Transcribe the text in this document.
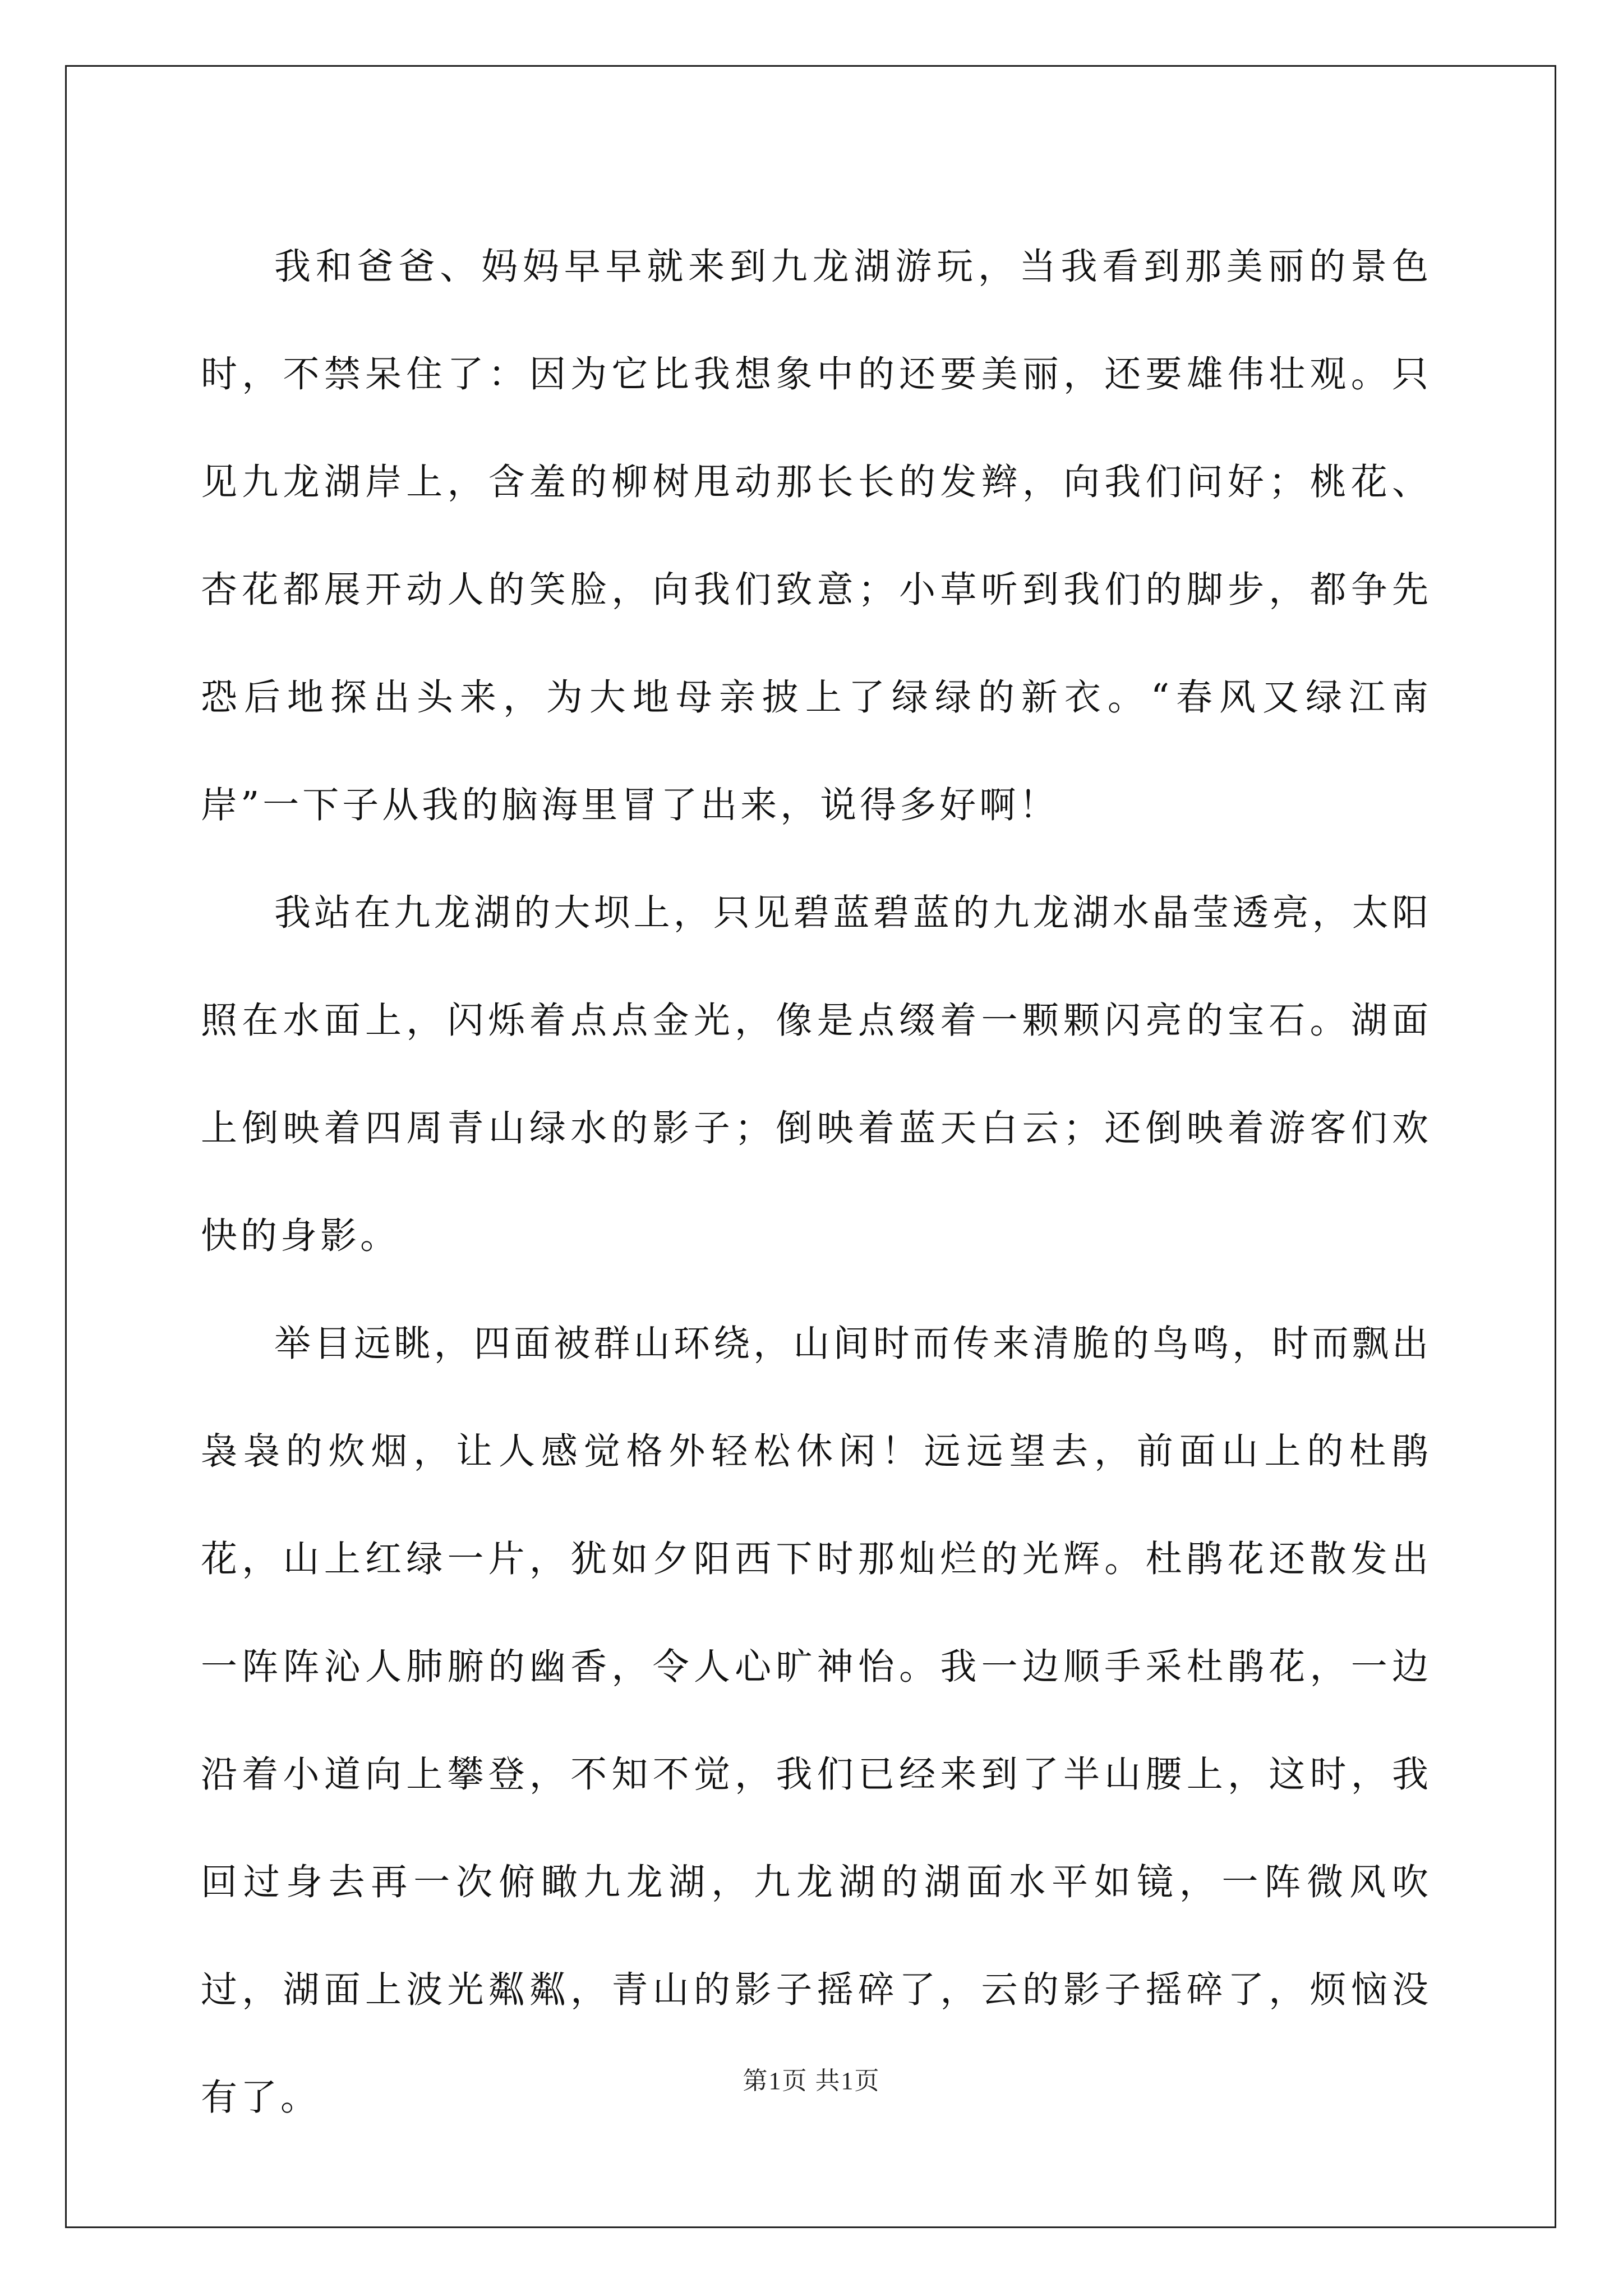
我和爸爸、妈妈早早就来到九龙湖游玩，当我看到那美丽的景色时，不禁呆住了：因为它比我想象中的还要美丽，还要雄伟壮观。只见九龙湖岸上，含羞的柳树甩动那长长的发辫，向我们问好；桃花、杏花都展开动人的笑脸，向我们致意；小草听到我们的脚步，都争先恐后地探出头来，为大地母亲披上了绿绿的新衣。“春风又绿江南岸”一下子从我的脑海里冒了出来，说得多好啊！

我站在九龙湖的大坝上，只见碧蓝碧蓝的九龙湖水晶莹透亮，太阳照在水面上，闪烁着点点金光，像是点缀着一颗颗闪亮的宝石。湖面上倒映着四周青山绿水的影子；倒映着蓝天白云；还倒映着游客们欢快的身影。

举目远眺，四面被群山环绕，山间时而传来清脆的鸟鸣，时而飘出袅袅的炊烟，让人感觉格外轻松休闲！远远望去，前面山上的杜鹃花，山上红绿一片，犹如夕阳西下时那灿烂的光辉。杜鹃花还散发出一阵阵沁人肺腑的幽香，令人心旷神怡。我一边顺手采杜鹃花，一边沿着小道向上攀登，不知不觉，我们已经来到了半山腰上，这时，我回过身去再一次俯瞰九龙湖，九龙湖的湖面水平如镜，一阵微风吹过，湖面上波光粼粼，青山的影子摇碎了，云的影子摇碎了，烦恼没有了。	第1页 共1页
